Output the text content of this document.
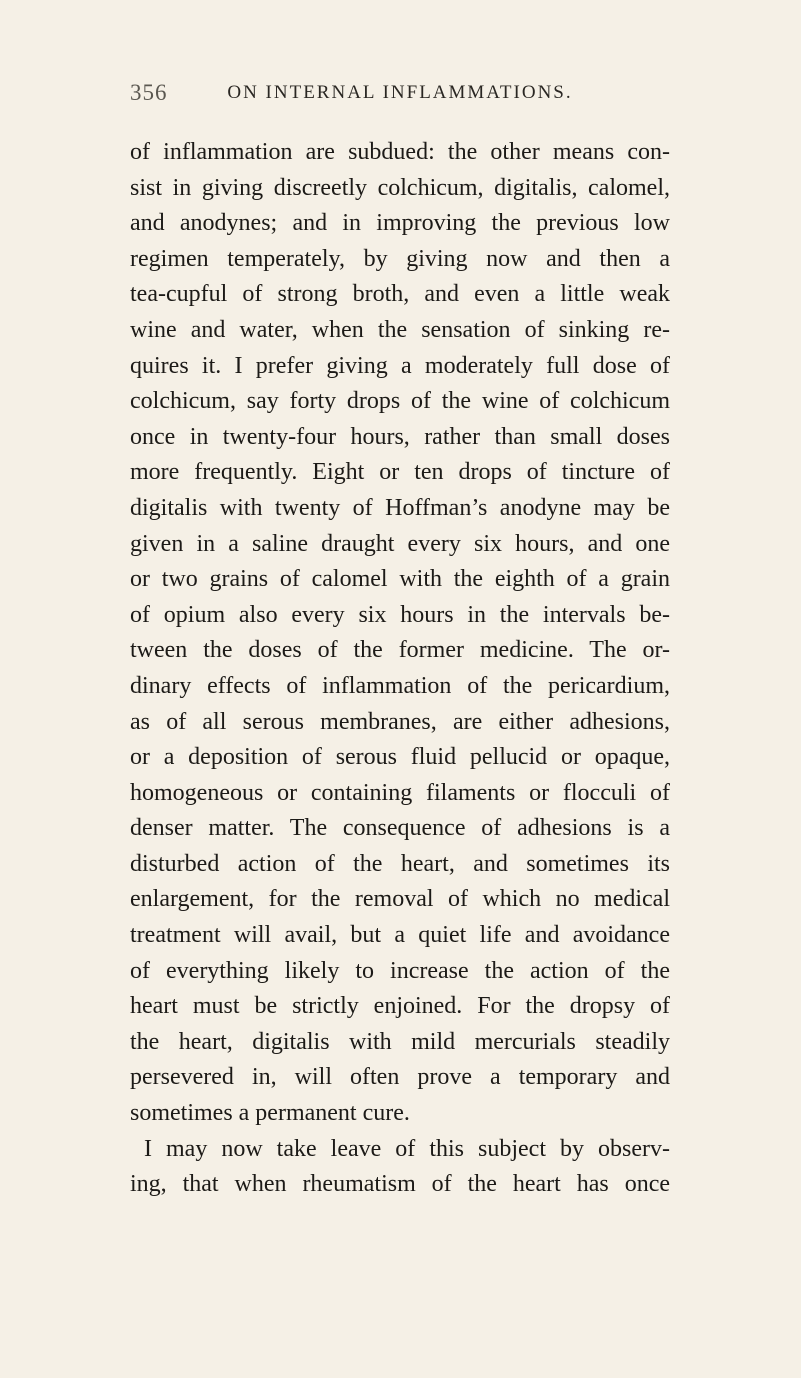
356	ON INTERNAL INFLAMMATIONS.
of inflammation are subdued: the other means con-
sist in giving discreetly colchicum, digitalis, calomel,
and anodynes; and in improving the previous low
regimen temperately, by giving now and then a
tea-cupful of strong broth, and even a little weak
wine and water, when the sensation of sinking re-
quires it. I prefer giving a moderately full dose of
colchicum, say forty drops of the wine of colchicum
once in twenty-four hours, rather than small doses
more frequently. Eight or ten drops of tincture of
digitalis with twenty of Hoffman’s anodyne may be
given in a saline draught every six hours, and one
or two grains of calomel with the eighth of a grain
of opium also every six hours in the intervals be-
tween the doses of the former medicine. The or-
dinary effects of inflammation of the pericardium,
as of all serous membranes, are either adhesions,
or a deposition of serous fluid pellucid or opaque,
homogeneous or containing filaments or flocculi of
denser matter. The consequence of adhesions is a
disturbed action of the heart, and sometimes its
enlargement, for the removal of which no medical
treatment will avail, but a quiet life and avoidance
of everything likely to increase the action of the
heart must be strictly enjoined. For the dropsy of
the heart, digitalis with mild mercurials steadily
persevered in, will often prove a temporary and
sometimes a permanent cure.
I may now take leave of this subject by observ-
ing, that when rheumatism of the heart has once
